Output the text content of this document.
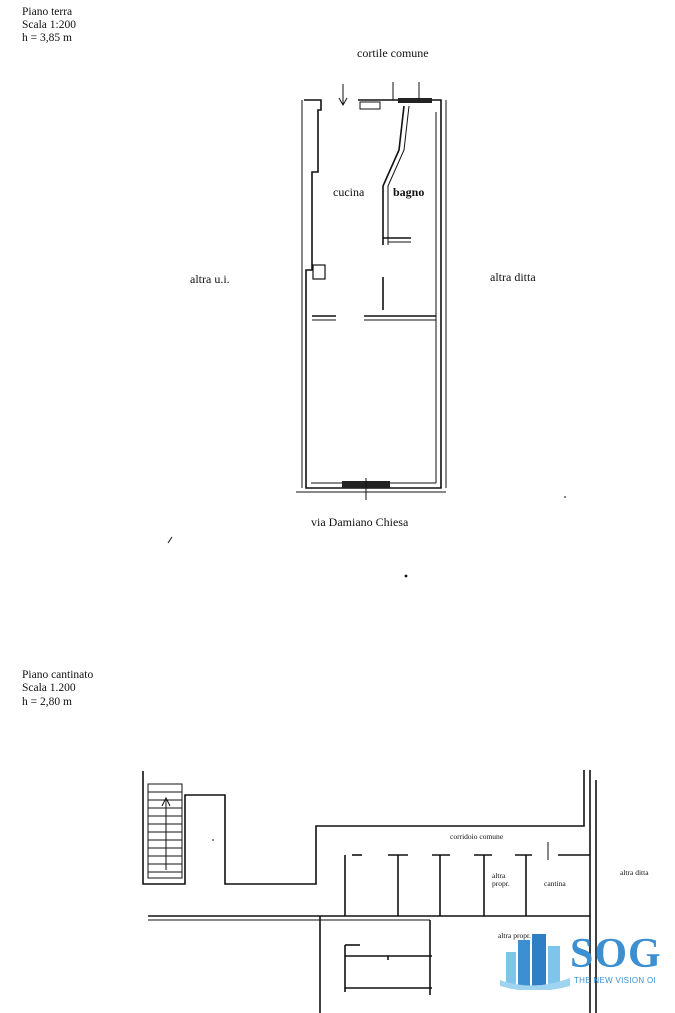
Piano terra
Scala 1:200
h = 3,85 m
cortile comune
cucina bagno
altra u.i.	altra ditta
via Damiano Chiesa
Piano cantinato
Scala 1.200
h = 2,80 m
corridoio comune
altra
propr.	cantina
altra ditta
altra propr. SOG
THE NEW VISION OI
